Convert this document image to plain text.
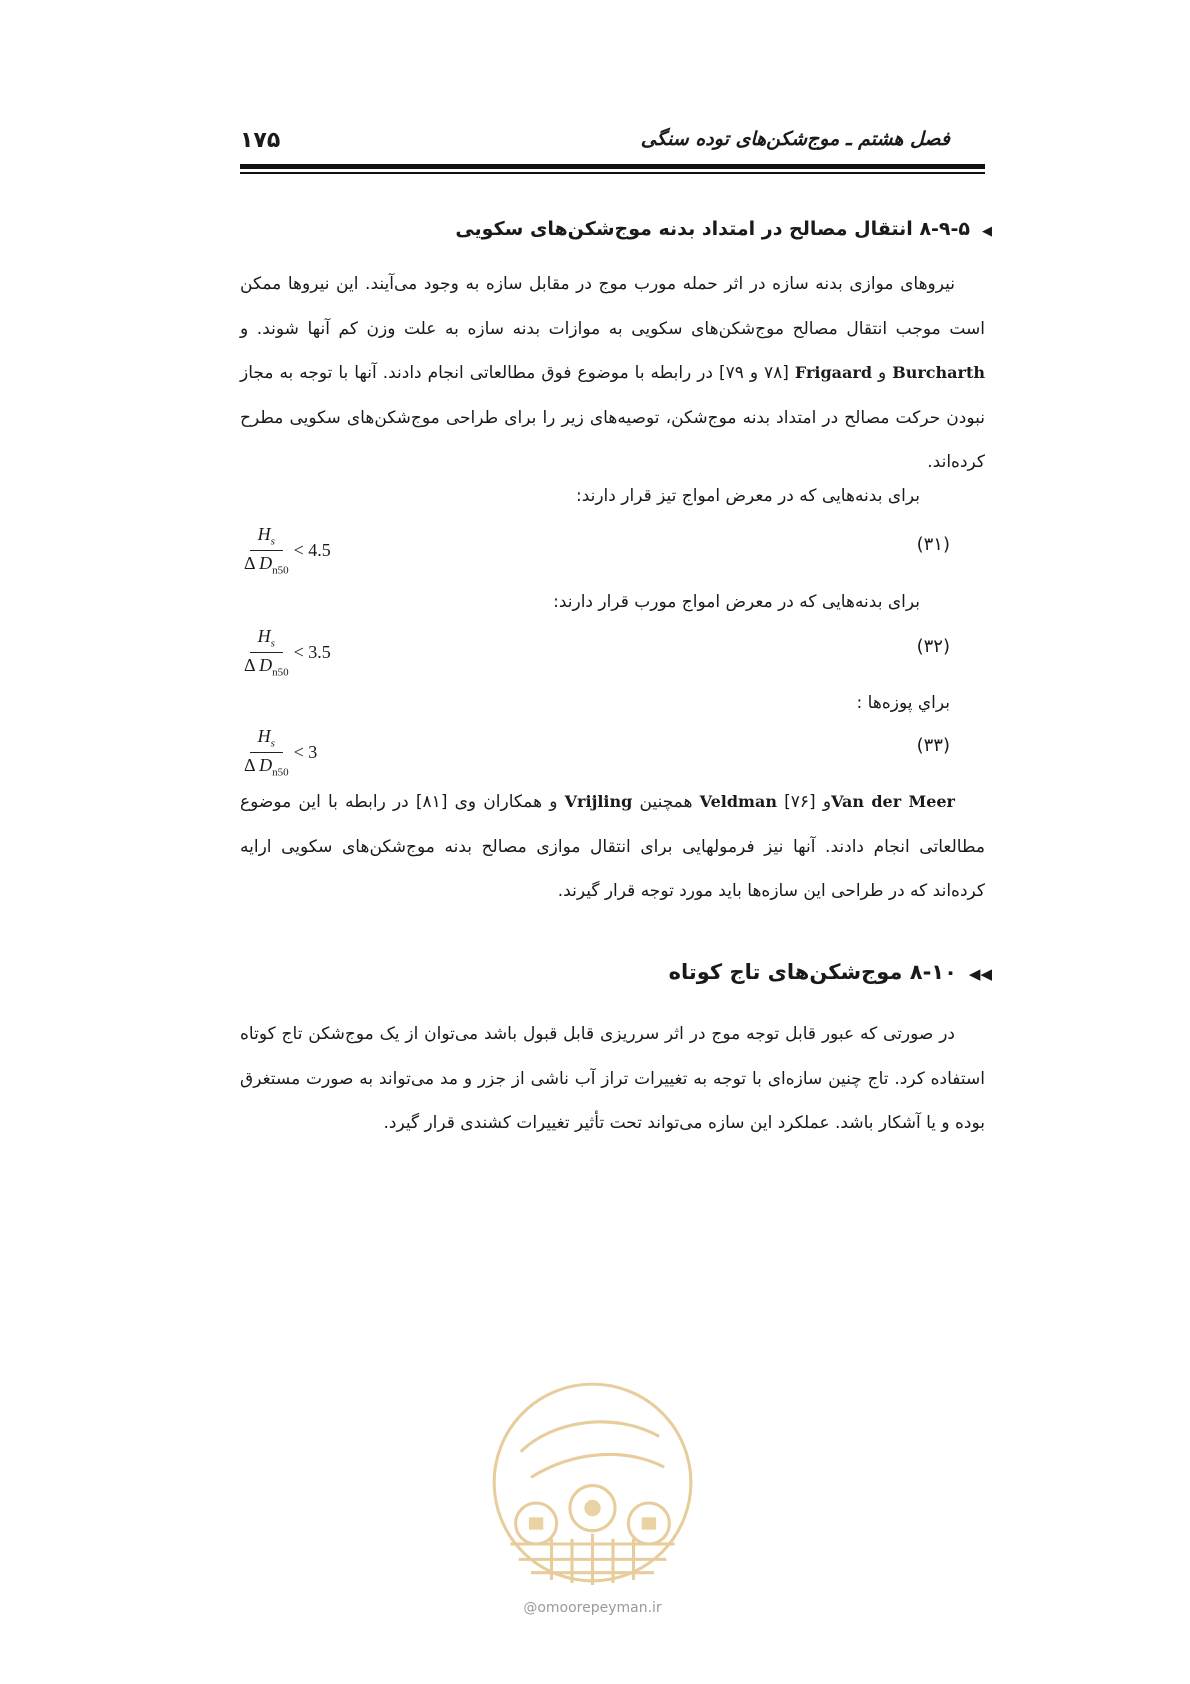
۱۷۵	فصل هشتم ـ موج‌شکن‌های توده سنگی
◀۸-۹-۵ انتقال مصالح در امتداد بدنه موج‌شکن‌های سکویی

نیروهای موازی بدنه سازه در اثر حمله مورب موج در مقابل سازه به وجود می‌آیند. این نیروها ممکن است موجب انتقال مصالح موج‌شکن‌های سکویی به موازات بدنه سازه به علت وزن کم آنها شوند. و Burcharth و Frigaard [۷۸ و ۷۹] در رابطه با موضوع فوق مطالعاتی انجام دادند. آنها با توجه به مجاز نبودن حرکت مصالح در امتداد بدنه موج‌شکن، توصیه‌های زیر را برای طراحی موج‌شکن‌های سکویی مطرح کرده‌اند.

برای بدنه‌هایی که در معرض امواج تیز قرار دارند:
(۳۱)
$\frac{H_s}{\Delta D_{n50}} < 4.5$
برای بدنه‌هایی که در معرض امواج مورب قرار دارند:
(۳۲)
$\frac{H_s}{\Delta D_{n50}} < 3.5$
براي پوزه‌ها :
(۳۳)
$\frac{H_s}{\Delta D_{n50}} < 3$

Van der Meerو Veldman [۷۶] همچنین Vrijling و همکاران وی [۸۱] در رابطه با این موضوع مطالعاتی انجام دادند. آنها نیز فرمولهایی برای انتقال موازی مصالح بدنه موج‌شکن‌های سکویی ارایه کرده‌اند که در طراحی این سازه‌ها باید مورد توجه قرار گیرند.

◀◀۸-۱۰ موج‌شکن‌های تاج کوتاه

در صورتی که عبور قابل توجه موج در اثر سرریزی قابل قبول باشد می‌توان از یک موج‌شکن تاج کوتاه استفاده کرد. تاج چنین سازه‌ای با توجه به تغییرات تراز آب ناشی از جزر و مد می‌تواند به صورت مستغرق بوده و یا آشکار باشد. عملکرد این سازه می‌تواند تحت تأثیر تغییرات کشندی قرار گیرد.

@omoorepeyman.ir
